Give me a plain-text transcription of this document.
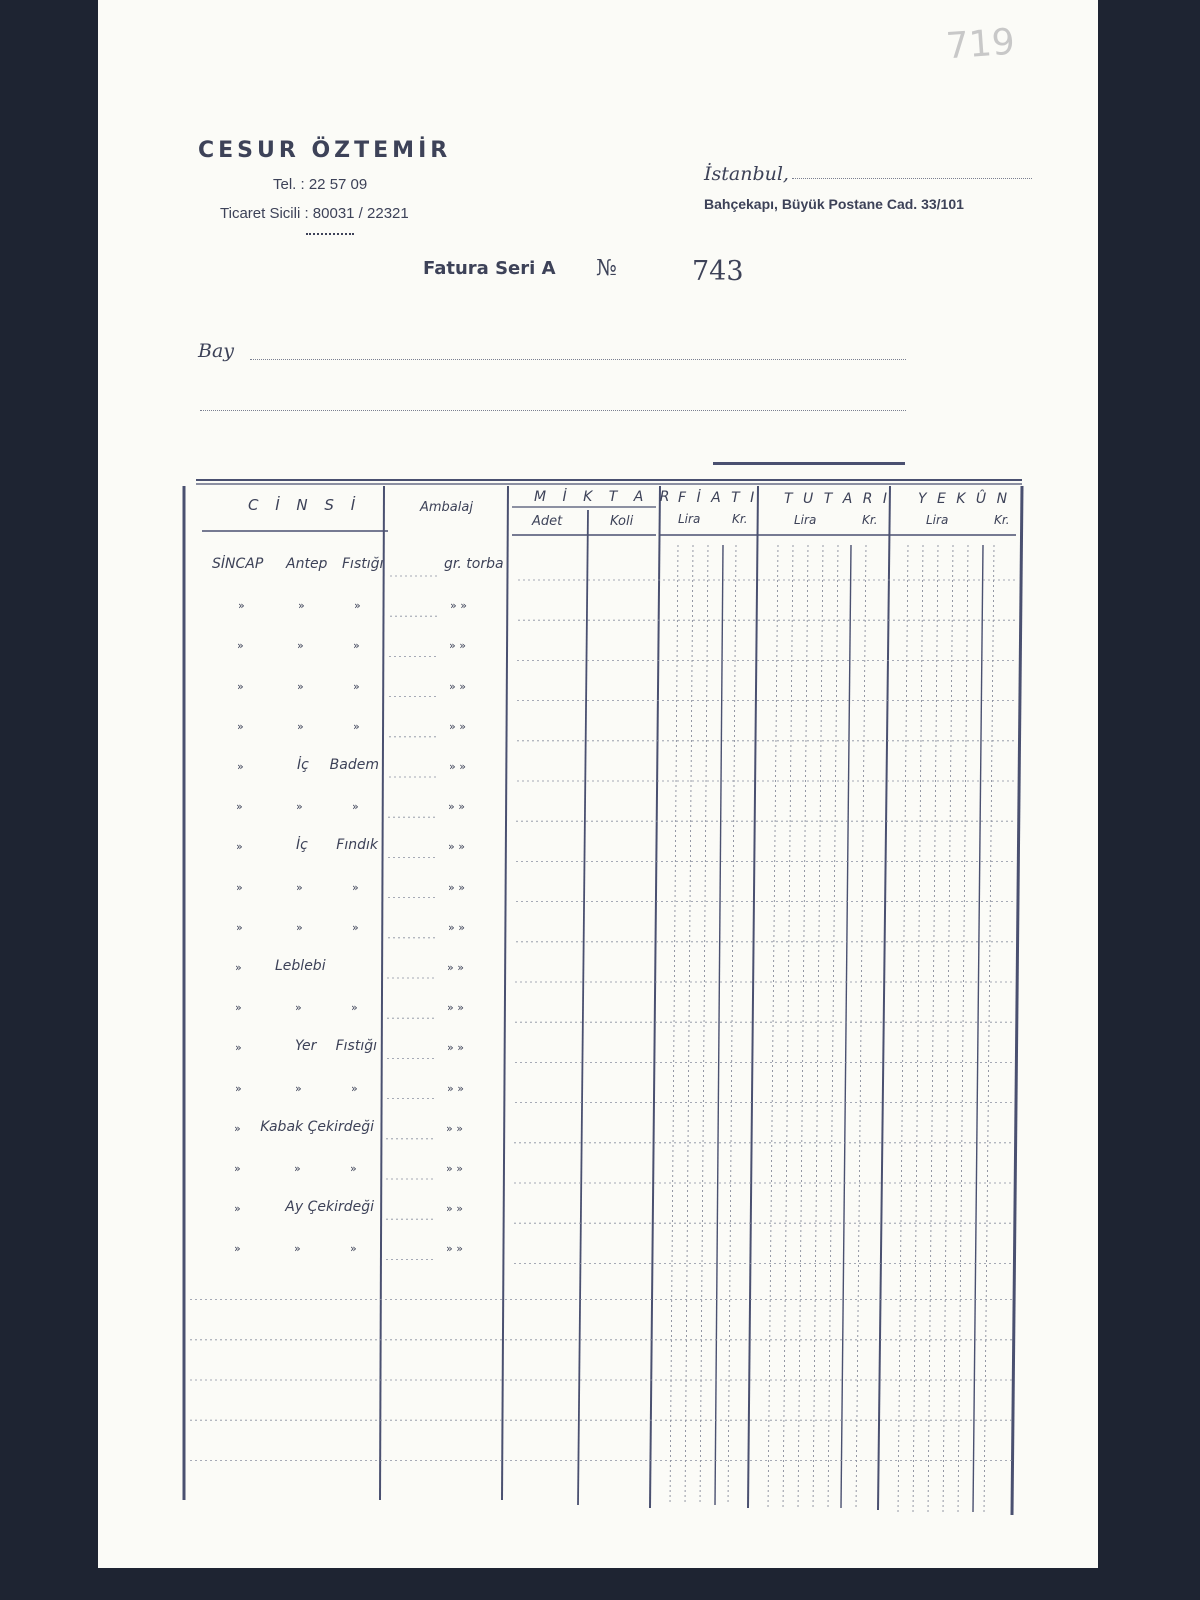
719
CESUR ÖZTEMİR
Tel. : 22 57 09
Ticaret Sicili : 80031 / 22321
İstanbul,
Bahçekapı, Büyük Postane Cad. 33/101
Fatura Seri A №	743
Bay
C İ N S İ	Ambalaj
M İ K T A R
Adet	Koli
F İ A T I
Lira	Kr.
T U T A R I
Lira	Kr.
Y E K Û N
Lira	Kr.
SİNCAP Antep Fıstığı	gr. torba
»	»	»	» »
»	»	»	» »
»	»	»	» »
»	»	»	» »
»	İç Badem	» »
»	»	»	» »
»	İç	Fındık	» »
»	»	»	» »
»	»	»	» »
» Leblebi	» »
»	»	»	» »
»	Yer	Fıstığı	» »
»	»	»	» »
»	Kabak Çekirdeği	» »
»	»	»	» »
»	Ay Çekirdeği	» »
»	»	»	» »
